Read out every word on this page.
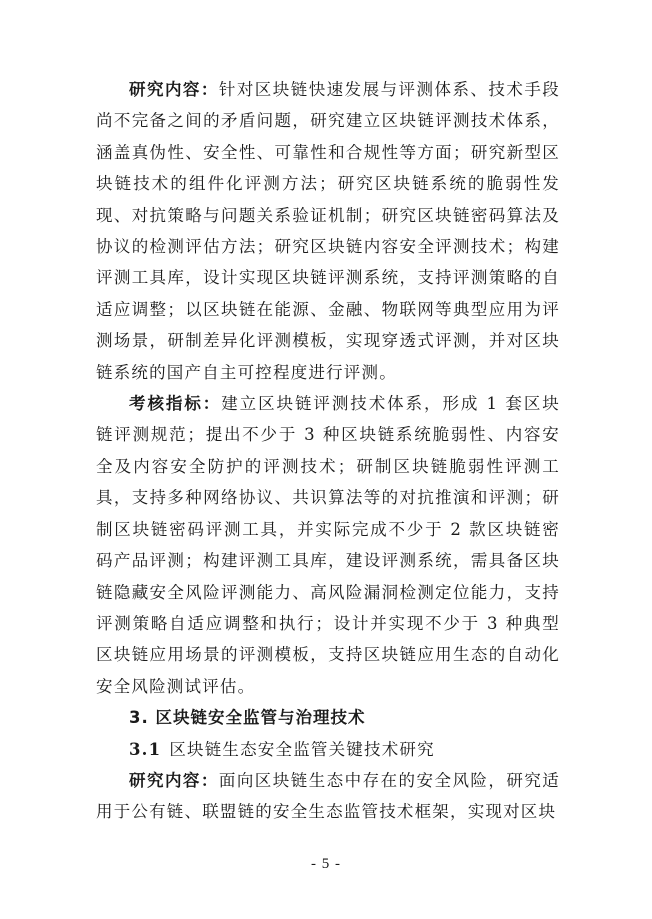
研究内容：针对区块链快速发展与评测体系、技术手段尚不完备之间的矛盾问题，研究建立区块链评测技术体系，涵盖真伪性、安全性、可靠性和合规性等方面；研究新型区块链技术的组件化评测方法；研究区块链系统的脆弱性发现、对抗策略与问题关系验证机制；研究区块链密码算法及协议的检测评估方法；研究区块链内容安全评测技术；构建评测工具库，设计实现区块链评测系统，支持评测策略的自适应调整；以区块链在能源、金融、物联网等典型应用为评测场景，研制差异化评测模板，实现穿透式评测，并对区块链系统的国产自主可控程度进行评测。

考核指标：建立区块链评测技术体系，形成 1 套区块链评测规范；提出不少于 3 种区块链系统脆弱性、内容安全及内容安全防护的评测技术；研制区块链脆弱性评测工具，支持多种网络协议、共识算法等的对抗推演和评测；研制区块链密码评测工具，并实际完成不少于 2 款区块链密码产品评测；构建评测工具库，建设评测系统，需具备区块链隐藏安全风险评测能力、高风险漏洞检测定位能力，支持评测策略自适应调整和执行；设计并实现不少于 3 种典型区块链应用场景的评测模板，支持区块链应用生态的自动化安全风险测试评估。

3. 区块链安全监管与治理技术

3.1 区块链生态安全监管关键技术研究

研究内容：面向区块链生态中存在的安全风险，研究适用于公有链、联盟链的安全生态监管技术框架，实现对区块

- 5 -
